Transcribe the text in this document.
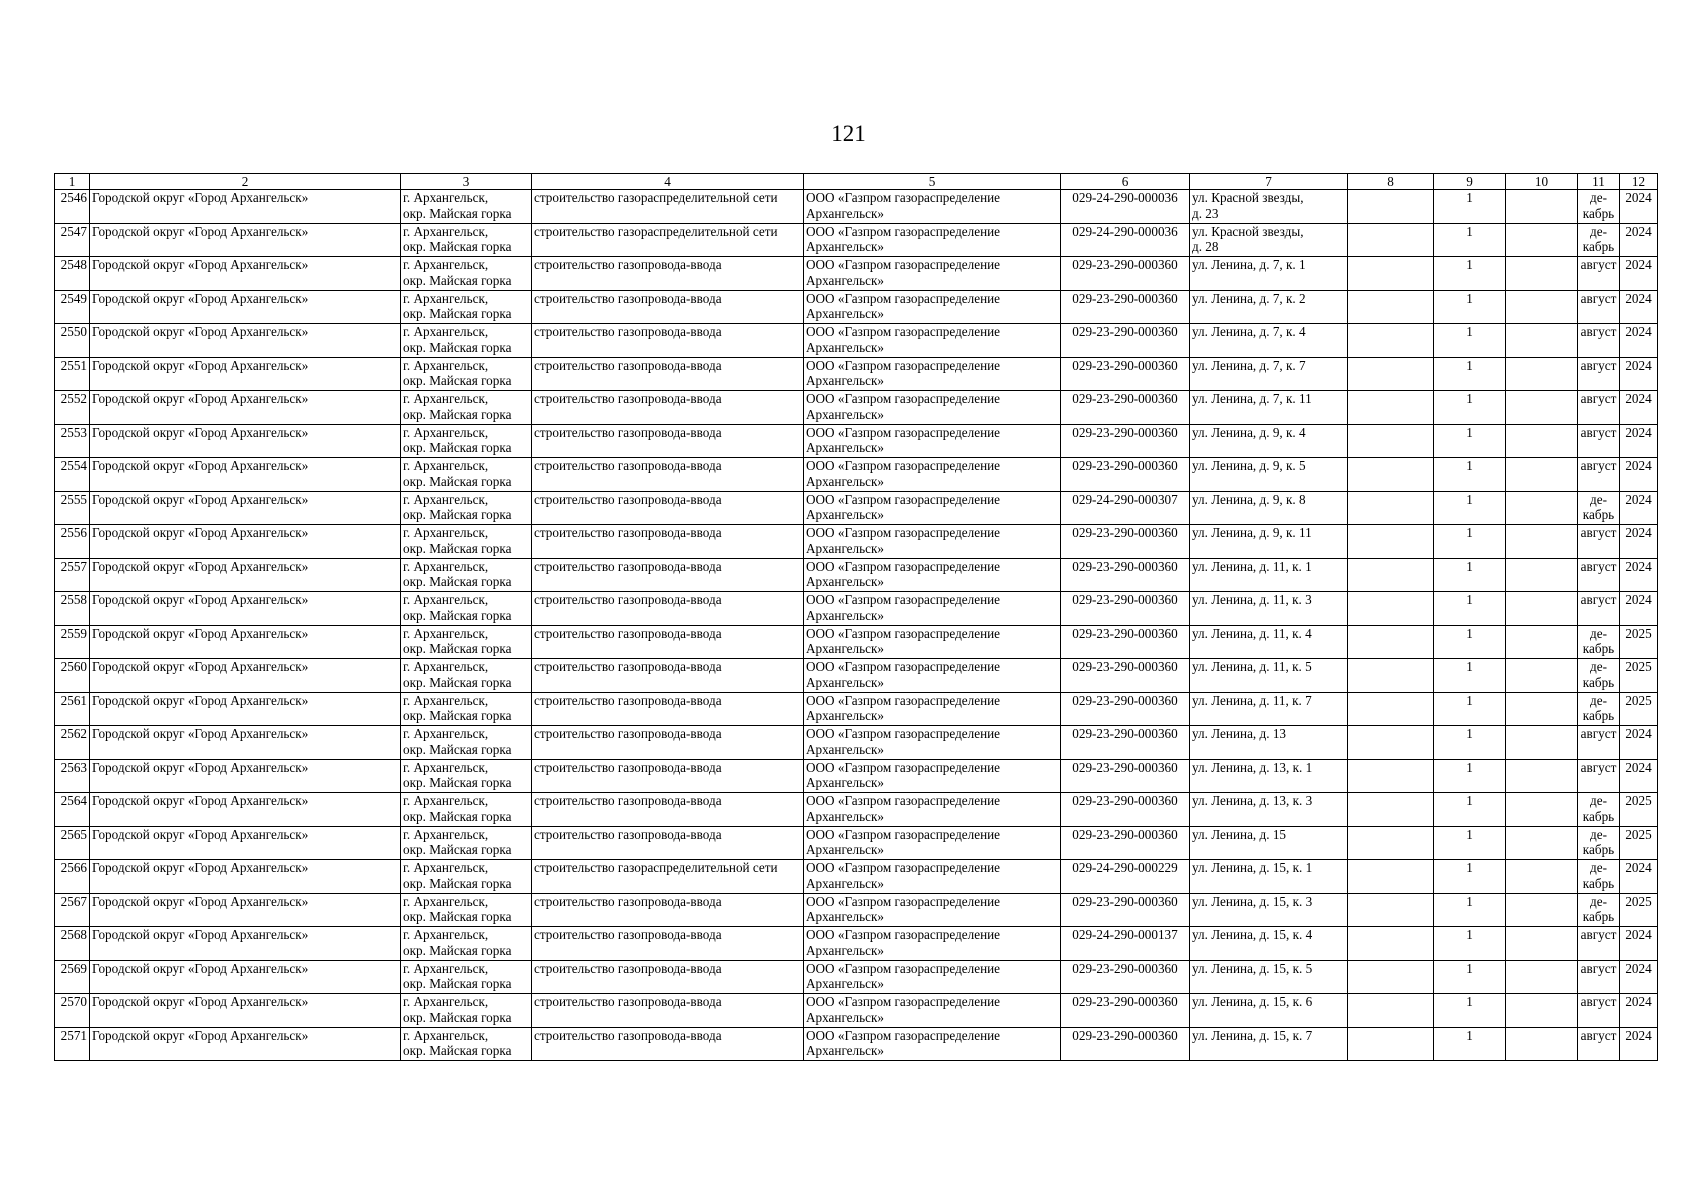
121
1	2	3	4	5	6	7	8	9	10	11	12
2546	Городской округ «Город Архангельск»	г. Архангельск,
окр. Майская горка	строительство газораспределительной сети	ООО «Газпром газораспределение
Архангельск»	029-24-290-000036	ул. Красной звезды,
д. 23		1		де-
кабрь	2024
2547	Городской округ «Город Архангельск»	г. Архангельск,
окр. Майская горка	строительство газораспределительной сети	ООО «Газпром газораспределение
Архангельск»	029-24-290-000036	ул. Красной звезды,
д. 28		1		де-
кабрь	2024
2548	Городской округ «Город Архангельск»	г. Архангельск,
окр. Майская горка	строительство газопровода-ввода	ООО «Газпром газораспределение
Архангельск»	029-23-290-000360	ул. Ленина, д. 7, к. 1		1		август	2024
2549	Городской округ «Город Архангельск»	г. Архангельск,
окр. Майская горка	строительство газопровода-ввода	ООО «Газпром газораспределение
Архангельск»	029-23-290-000360	ул. Ленина, д. 7, к. 2		1		август	2024
2550	Городской округ «Город Архангельск»	г. Архангельск,
окр. Майская горка	строительство газопровода-ввода	ООО «Газпром газораспределение
Архангельск»	029-23-290-000360	ул. Ленина, д. 7, к. 4		1		август	2024
2551	Городской округ «Город Архангельск»	г. Архангельск,
окр. Майская горка	строительство газопровода-ввода	ООО «Газпром газораспределение
Архангельск»	029-23-290-000360	ул. Ленина, д. 7, к. 7		1		август	2024
2552	Городской округ «Город Архангельск»	г. Архангельск,
окр. Майская горка	строительство газопровода-ввода	ООО «Газпром газораспределение
Архангельск»	029-23-290-000360	ул. Ленина, д. 7, к. 11		1		август	2024
2553	Городской округ «Город Архангельск»	г. Архангельск,
окр. Майская горка	строительство газопровода-ввода	ООО «Газпром газораспределение
Архангельск»	029-23-290-000360	ул. Ленина, д. 9, к. 4		1		август	2024
2554	Городской округ «Город Архангельск»	г. Архангельск,
окр. Майская горка	строительство газопровода-ввода	ООО «Газпром газораспределение
Архангельск»	029-23-290-000360	ул. Ленина, д. 9, к. 5		1		август	2024
2555	Городской округ «Город Архангельск»	г. Архангельск,
окр. Майская горка	строительство газопровода-ввода	ООО «Газпром газораспределение
Архангельск»	029-24-290-000307	ул. Ленина, д. 9, к. 8		1		де-
кабрь	2024
2556	Городской округ «Город Архангельск»	г. Архангельск,
окр. Майская горка	строительство газопровода-ввода	ООО «Газпром газораспределение
Архангельск»	029-23-290-000360	ул. Ленина, д. 9, к. 11		1		август	2024
2557	Городской округ «Город Архангельск»	г. Архангельск,
окр. Майская горка	строительство газопровода-ввода	ООО «Газпром газораспределение
Архангельск»	029-23-290-000360	ул. Ленина, д. 11, к. 1		1		август	2024
2558	Городской округ «Город Архангельск»	г. Архангельск,
окр. Майская горка	строительство газопровода-ввода	ООО «Газпром газораспределение
Архангельск»	029-23-290-000360	ул. Ленина, д. 11, к. 3		1		август	2024
2559	Городской округ «Город Архангельск»	г. Архангельск,
окр. Майская горка	строительство газопровода-ввода	ООО «Газпром газораспределение
Архангельск»	029-23-290-000360	ул. Ленина, д. 11, к. 4		1		де-
кабрь	2025
2560	Городской округ «Город Архангельск»	г. Архангельск,
окр. Майская горка	строительство газопровода-ввода	ООО «Газпром газораспределение
Архангельск»	029-23-290-000360	ул. Ленина, д. 11, к. 5		1		де-
кабрь	2025
2561	Городской округ «Город Архангельск»	г. Архангельск,
окр. Майская горка	строительство газопровода-ввода	ООО «Газпром газораспределение
Архангельск»	029-23-290-000360	ул. Ленина, д. 11, к. 7		1		де-
кабрь	2025
2562	Городской округ «Город Архангельск»	г. Архангельск,
окр. Майская горка	строительство газопровода-ввода	ООО «Газпром газораспределение
Архангельск»	029-23-290-000360	ул. Ленина, д. 13		1		август	2024
2563	Городской округ «Город Архангельск»	г. Архангельск,
окр. Майская горка	строительство газопровода-ввода	ООО «Газпром газораспределение
Архангельск»	029-23-290-000360	ул. Ленина, д. 13, к. 1		1		август	2024
2564	Городской округ «Город Архангельск»	г. Архангельск,
окр. Майская горка	строительство газопровода-ввода	ООО «Газпром газораспределение
Архангельск»	029-23-290-000360	ул. Ленина, д. 13, к. 3		1		де-
кабрь	2025
2565	Городской округ «Город Архангельск»	г. Архангельск,
окр. Майская горка	строительство газопровода-ввода	ООО «Газпром газораспределение
Архангельск»	029-23-290-000360	ул. Ленина, д. 15		1		де-
кабрь	2025
2566	Городской округ «Город Архангельск»	г. Архангельск,
окр. Майская горка	строительство газораспределительной сети	ООО «Газпром газораспределение
Архангельск»	029-24-290-000229	ул. Ленина, д. 15, к. 1		1		де-
кабрь	2024
2567	Городской округ «Город Архангельск»	г. Архангельск,
окр. Майская горка	строительство газопровода-ввода	ООО «Газпром газораспределение
Архангельск»	029-23-290-000360	ул. Ленина, д. 15, к. 3		1		де-
кабрь	2025
2568	Городской округ «Город Архангельск»	г. Архангельск,
окр. Майская горка	строительство газопровода-ввода	ООО «Газпром газораспределение
Архангельск»	029-24-290-000137	ул. Ленина, д. 15, к. 4		1		август	2024
2569	Городской округ «Город Архангельск»	г. Архангельск,
окр. Майская горка	строительство газопровода-ввода	ООО «Газпром газораспределение
Архангельск»	029-23-290-000360	ул. Ленина, д. 15, к. 5		1		август	2024
2570	Городской округ «Город Архангельск»	г. Архангельск,
окр. Майская горка	строительство газопровода-ввода	ООО «Газпром газораспределение
Архангельск»	029-23-290-000360	ул. Ленина, д. 15, к. 6		1		август	2024
2571	Городской округ «Город Архангельск»	г. Архангельск,
окр. Майская горка	строительство газопровода-ввода	ООО «Газпром газораспределение
Архангельск»	029-23-290-000360	ул. Ленина, д. 15, к. 7		1		август	2024
